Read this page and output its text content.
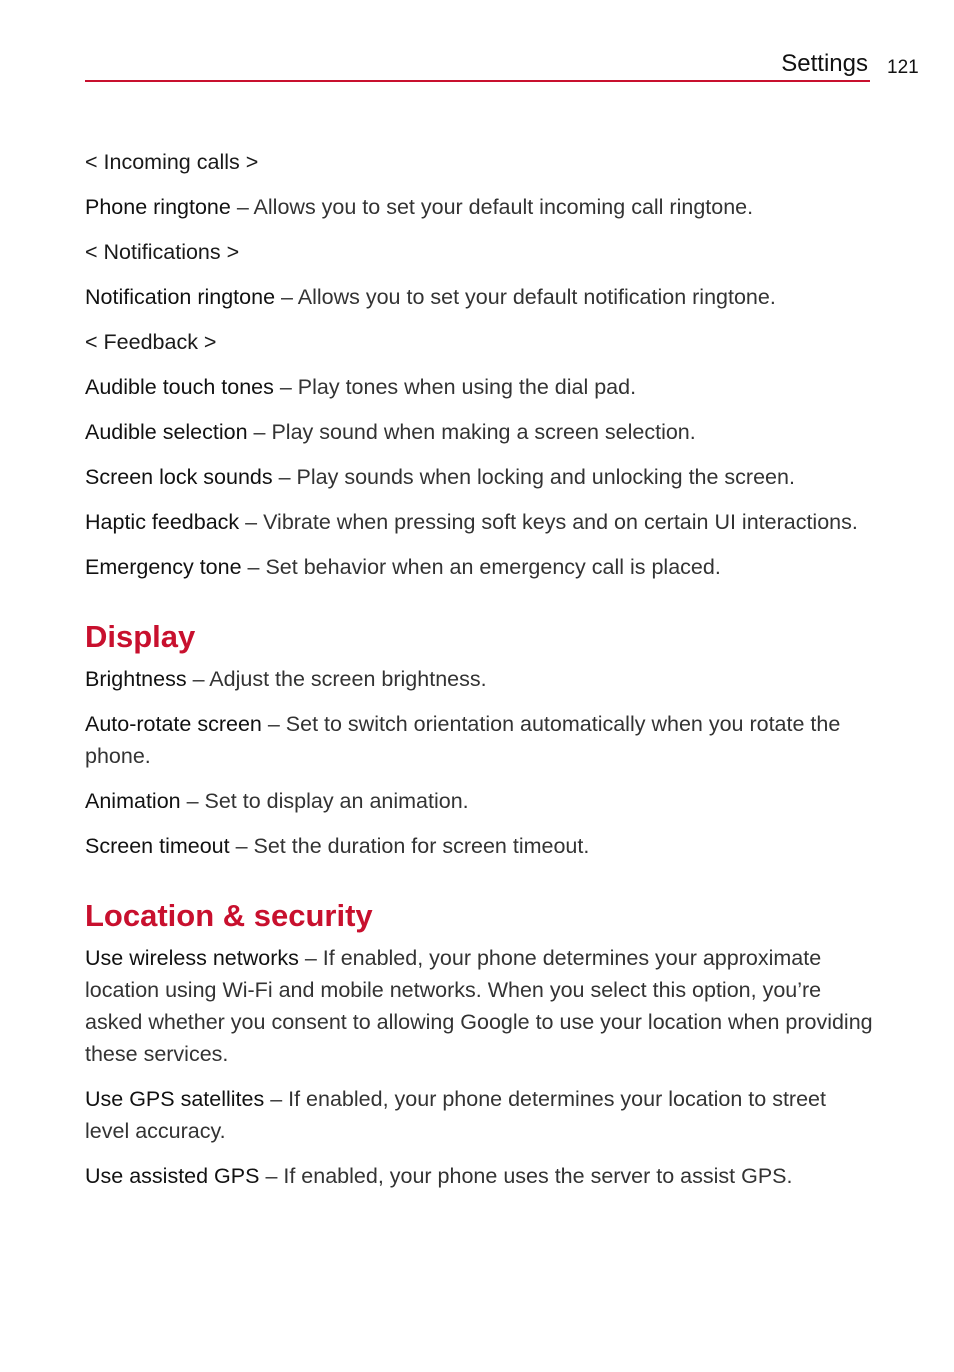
Settings 121
< Incoming calls >

Phone ringtone – Allows you to set your default incoming call ringtone.

< Notifications >

Notification ringtone – Allows you to set your default notification ringtone.

< Feedback >

Audible touch tones – Play tones when using the dial pad.

Audible selection – Play sound when making a screen selection.

Screen lock sounds – Play sounds when locking and unlocking the screen.

Haptic feedback – Vibrate when pressing soft keys and on certain UI interactions.

Emergency tone – Set behavior when an emergency call is placed.

Display

Brightness – Adjust the screen brightness.

Auto-rotate screen – Set to switch orientation automatically when you rotate the phone.

Animation – Set to display an animation.

Screen timeout – Set the duration for screen timeout.

Location & security

Use wireless networks – If enabled, your phone determines your approximate location using Wi-Fi and mobile networks. When you select this option, you’re asked whether you consent to allowing Google to use your location when providing these services.

Use GPS satellites – If enabled, your phone determines your location to street level accuracy.

Use assisted GPS – If enabled, your phone uses the server to assist GPS.
